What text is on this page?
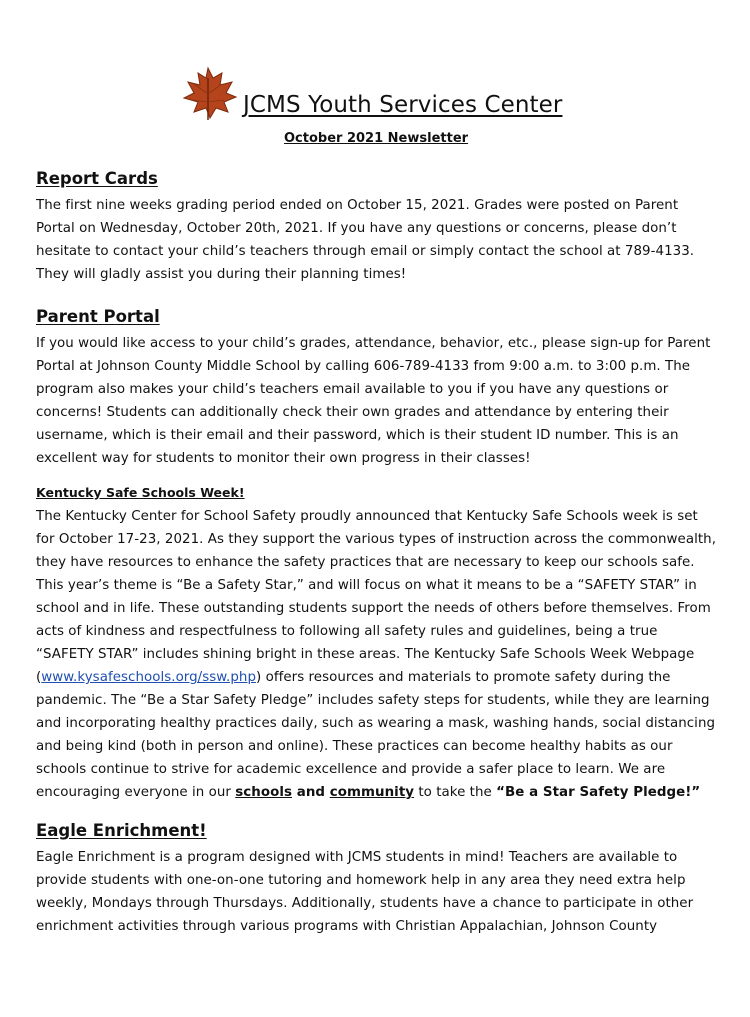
JCMS Youth Services Center
October 2021 Newsletter
Report Cards

The first nine weeks grading period ended on October 15, 2021. Grades were posted on Parent Portal on Wednesday, October 20th, 2021. If you have any questions or concerns, please don’t hesitate to contact your child’s teachers through email or simply contact the school at 789-4133. They will gladly assist you during their planning times!

Parent Portal

If you would like access to your child’s grades, attendance, behavior, etc., please sign-up for Parent Portal at Johnson County Middle School by calling 606-789-4133 from 9:00 a.m. to 3:00 p.m. The program also makes your child’s teachers email available to you if you have any questions or concerns! Students can additionally check their own grades and attendance by entering their username, which is their email and their password, which is their student ID number. This is an excellent way for students to monitor their own progress in their classes!

Kentucky Safe Schools Week!

The Kentucky Center for School Safety proudly announced that Kentucky Safe Schools week is set for October 17-23, 2021. As they support the various types of instruction across the commonwealth, they have resources to enhance the safety practices that are necessary to keep our schools safe. This year’s theme is “Be a Safety Star,” and will focus on what it means to be a “SAFETY STAR” in school and in life. These outstanding students support the needs of others before themselves. From acts of kindness and respectfulness to following all safety rules and guidelines, being a true “SAFETY STAR” includes shining bright in these areas. The Kentucky Safe Schools Week Webpage (www.kysafeschools.org/ssw.php) offers resources and materials to promote safety during the pandemic. The “Be a Star Safety Pledge” includes safety steps for students, while they are learning and incorporating healthy practices daily, such as wearing a mask, washing hands, social distancing and being kind (both in person and online). These practices can become healthy habits as our schools continue to strive for academic excellence and provide a safer place to learn. We are encouraging everyone in our schools and community to take the “Be a Star Safety Pledge!”

Eagle Enrichment!

Eagle Enrichment is a program designed with JCMS students in mind! Teachers are available to provide students with one-on-one tutoring and homework help in any area they need extra help weekly, Mondays through Thursdays. Additionally, students have a chance to participate in other enrichment activities through various programs with Christian Appalachian, Johnson County
